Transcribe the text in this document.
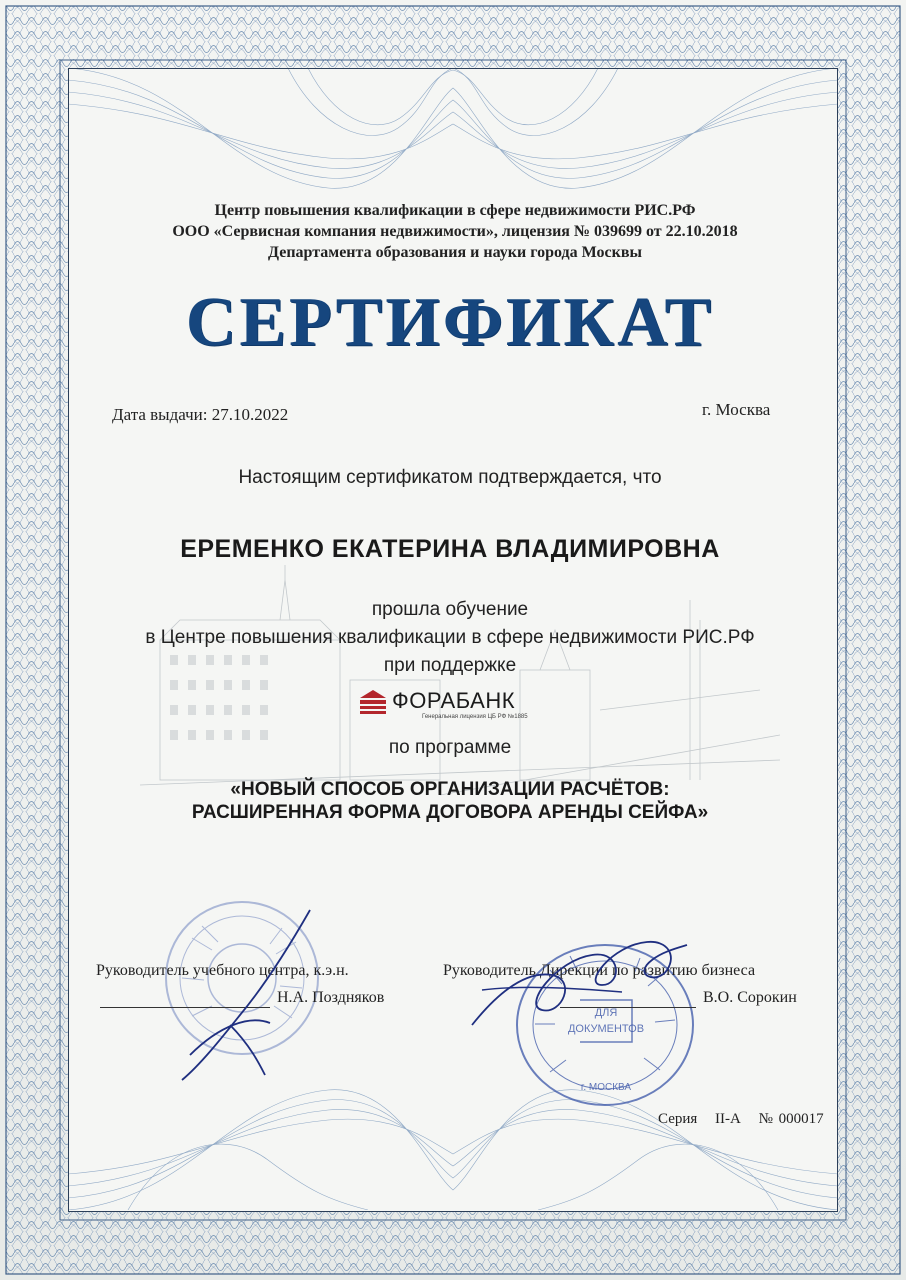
Центр повышения квалификации в сфере недвижимости РИС.РФ
ООО «Сервисная компания недвижимости», лицензия № 039699 от 22.10.2018
Департамента образования и науки города Москвы
СЕРТИФИКАТ
Дата выдачи: 27.10.2022	г. Москва
Настоящим сертификатом подтверждается, что
ЕРЕМЕНКО ЕКАТЕРИНА ВЛАДИМИРОВНА
прошла обучение
в Центре повышения квалификации в сфере недвижимости РИС.РФ
при поддержке
ФОРАБАНК
Генеральная лицензия ЦБ РФ №1885
по программе
«НОВЫЙ СПОСОБ ОРГАНИЗАЦИИ РАСЧЁТОВ:
РАСШИРЕННАЯ ФОРМА ДОГОВОРА АРЕНДЫ СЕЙФА»
ДЛЯ
ДОКУМЕНТОВ
г. МОСКВА
Руководитель учебного центра, к.э.н.
Н.А. Поздняков
Руководитель Дирекции по развитию бизнеса
В.О. Сорокин
Серия II-А № 000017
